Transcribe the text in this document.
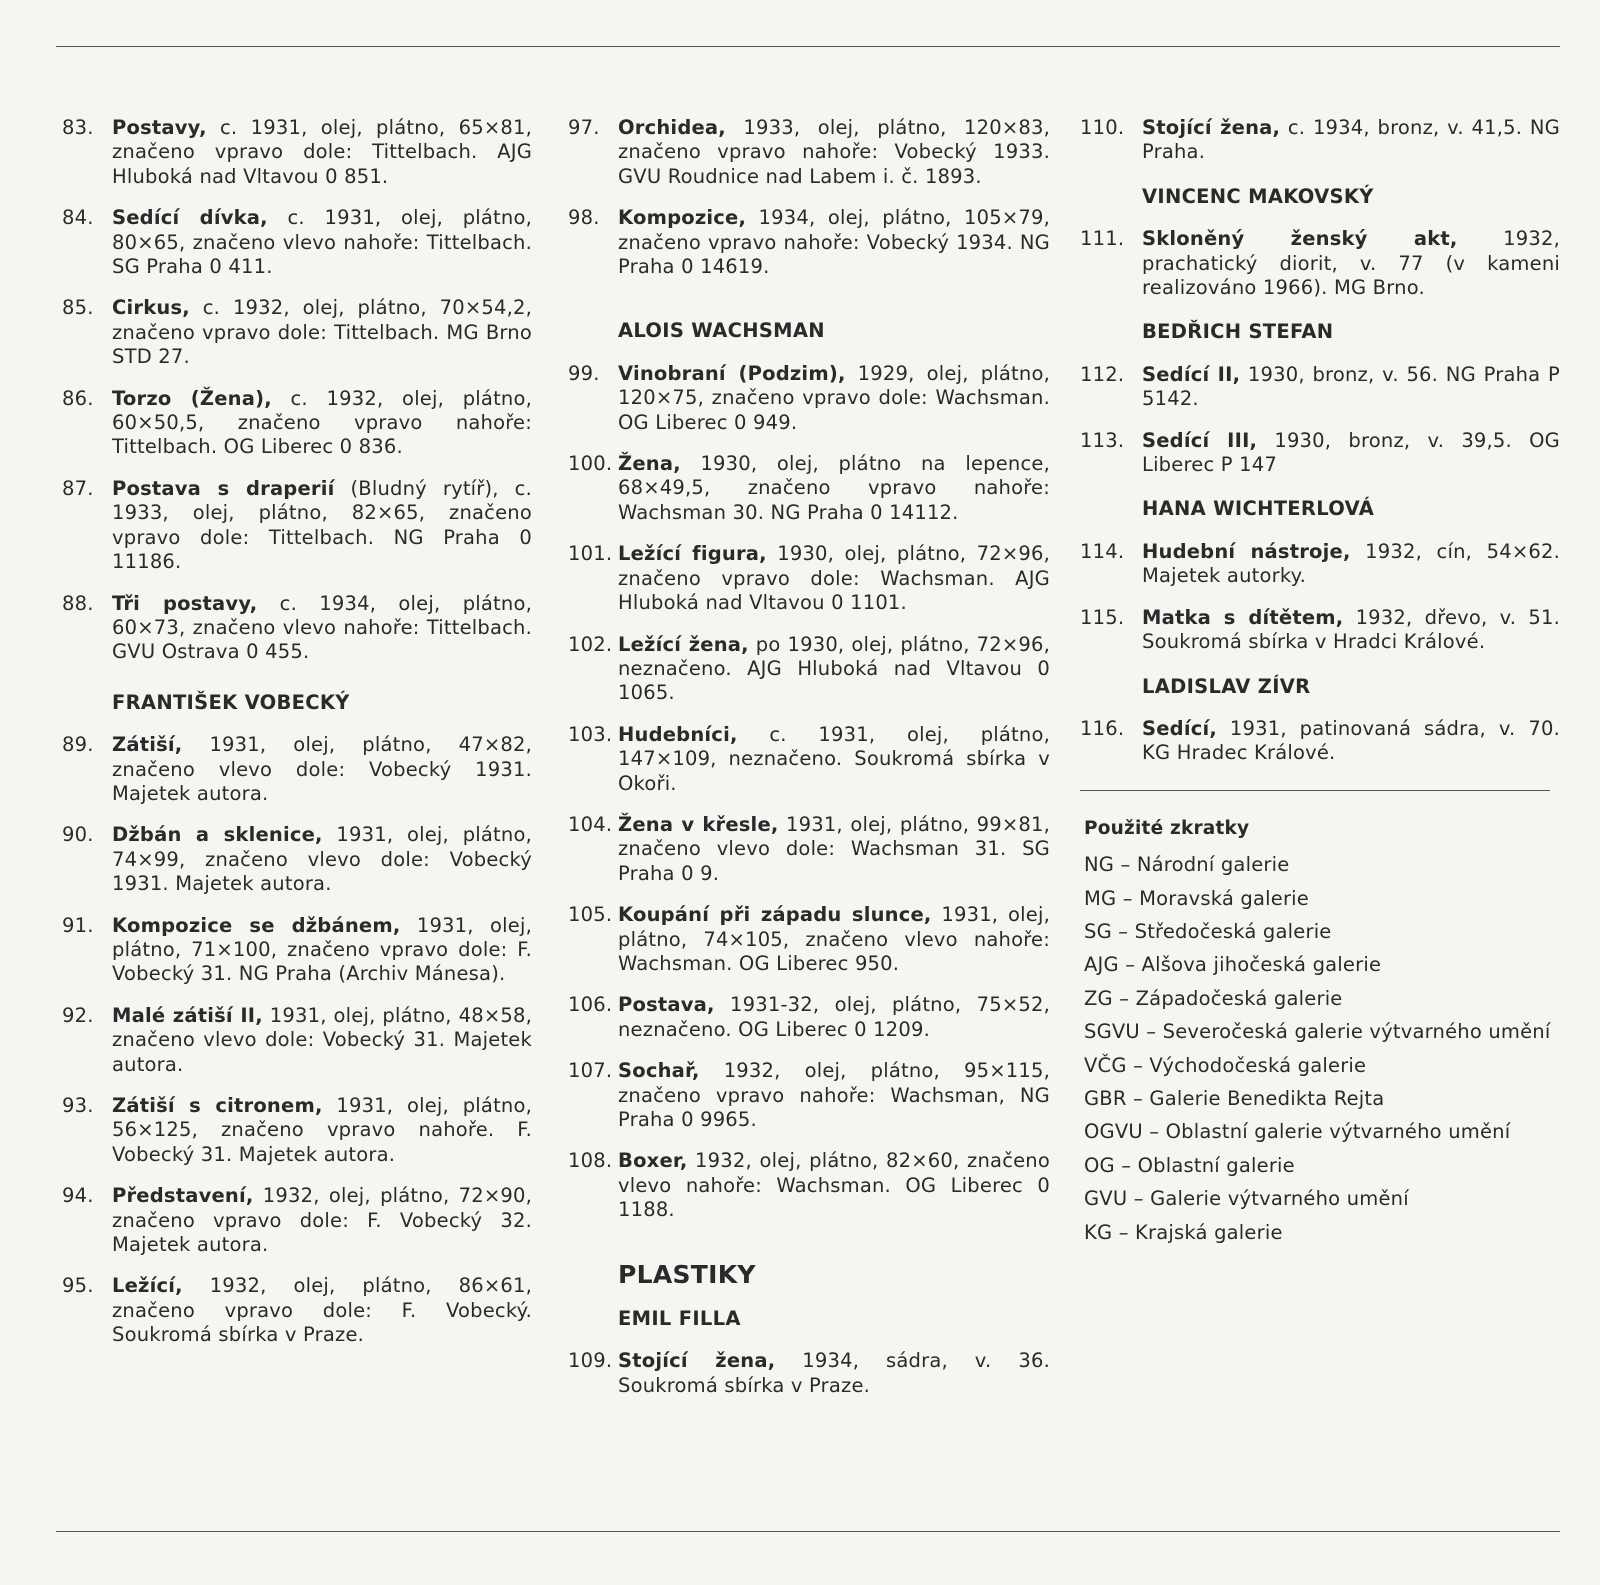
83. Postavy, c. 1931, olej, plátno, 65×81, značeno vpravo dole: Tittelbach. AJG Hluboká nad Vltavou 0 851.
84. Sedící dívka, c. 1931, olej, plátno, 80×65, značeno vlevo nahoře: Tittelbach. SG Praha 0 411.
85. Cirkus, c. 1932, olej, plátno, 70×54,2, značeno vpravo dole: Tittelbach. MG Brno STD 27.
86. Torzo (Žena), c. 1932, olej, plátno, 60×50,5, značeno vpravo nahoře: Tittelbach. OG Liberec 0 836.
87. Postava s draperií (Bludný rytíř), c. 1933, olej, plátno, 82×65, značeno vpravo dole: Tittelbach. NG Praha 0 11186.
88. Tři postavy, c. 1934, olej, plátno, 60×73, značeno vlevo nahoře: Tittelbach. GVU Ostrava 0 455.
FRANTIŠEK VOBECKÝ
89. Zátiší, 1931, olej, plátno, 47×82, značeno vlevo dole: Vobecký 1931. Majetek autora.
90. Džbán a sklenice, 1931, olej, plátno, 74×99, značeno vlevo dole: Vobecký 1931. Majetek autora.
91. Kompozice se džbánem, 1931, olej, plátno, 71×100, značeno vpravo dole: F. Vobecký 31. NG Praha (Archiv Mánesa).
92. Malé zátiší II, 1931, olej, plátno, 48×58, značeno vlevo dole: Vobecký 31. Majetek autora.
93. Zátiší s citronem, 1931, olej, plátno, 56×125, značeno vpravo nahoře. F. Vobecký 31. Majetek autora.
94. Představení, 1932, olej, plátno, 72×90, značeno vpravo dole: F. Vobecký 32. Majetek autora.
95. Ležící, 1932, olej, plátno, 86×61, značeno vpravo dole: F. Vobecký. Soukromá sbírka v Praze.
97. Orchidea, 1933, olej, plátno, 120×83, značeno vpravo nahoře: Vobecký 1933. GVU Roudnice nad Labem i. č. 1893.
98. Kompozice, 1934, olej, plátno, 105×79, značeno vpravo nahoře: Vobecký 1934. NG Praha 0 14619.
ALOIS WACHSMAN
99. Vinobraní (Podzim), 1929, olej, plátno, 120×75, značeno vpravo dole: Wachsman. OG Liberec 0 949.
100. Žena, 1930, olej, plátno na lepence, 68×49,5, značeno vpravo nahoře: Wachsman 30. NG Praha 0 14112.
101. Ležící figura, 1930, olej, plátno, 72×96, značeno vpravo dole: Wachsman. AJG Hluboká nad Vltavou 0 1101.
102. Ležící žena, po 1930, olej, plátno, 72×96, neznačeno. AJG Hluboká nad Vltavou 0 1065.
103. Hudebníci, c. 1931, olej, plátno, 147×109, neznačeno. Soukromá sbírka v Okoři.
104. Žena v křesle, 1931, olej, plátno, 99×81, značeno vlevo dole: Wachsman 31. SG Praha 0 9.
105. Koupání při západu slunce, 1931, olej, plátno, 74×105, značeno vlevo nahoře: Wachsman. OG Liberec 950.
106. Postava, 1931-32, olej, plátno, 75×52, neznačeno. OG Liberec 0 1209.
107. Sochař, 1932, olej, plátno, 95×115, značeno vpravo nahoře: Wachsman, NG Praha 0 9965.
108. Boxer, 1932, olej, plátno, 82×60, značeno vlevo nahoře: Wachsman. OG Liberec 0 1188.
PLASTIKY
EMIL FILLA
109. Stojící žena, 1934, sádra, v. 36. Soukromá sbírka v Praze.
110. Stojící žena, c. 1934, bronz, v. 41,5. NG Praha.
VINCENC MAKOVSKÝ
111. Skloněný ženský akt, 1932, prachatický diorit, v. 77 (v kameni realizováno 1966). MG Brno.
BEDŘICH STEFAN
112. Sedící II, 1930, bronz, v. 56. NG Praha P 5142.
113. Sedící III, 1930, bronz, v. 39,5. OG Liberec P 147
HANA WICHTERLOVÁ
114. Hudební nástroje, 1932, cín, 54×62. Majetek autorky.
115. Matka s dítětem, 1932, dřevo, v. 51. Soukromá sbírka v Hradci Králové.
LADISLAV ZÍVR
116. Sedící, 1931, patinovaná sádra, v. 70. KG Hradec Králové.
Použité zkratky
NG – Národní galerie
MG – Moravská galerie
SG – Středočeská galerie
AJG – Alšova jihočeská galerie
ZG – Západočeská galerie
SGVU – Severočeská galerie výtvarného umění
VČG – Východočeská galerie
GBR – Galerie Benedikta Rejta
OGVU – Oblastní galerie výtvarného umění
OG – Oblastní galerie
GVU – Galerie výtvarného umění
KG – Krajská galerie
